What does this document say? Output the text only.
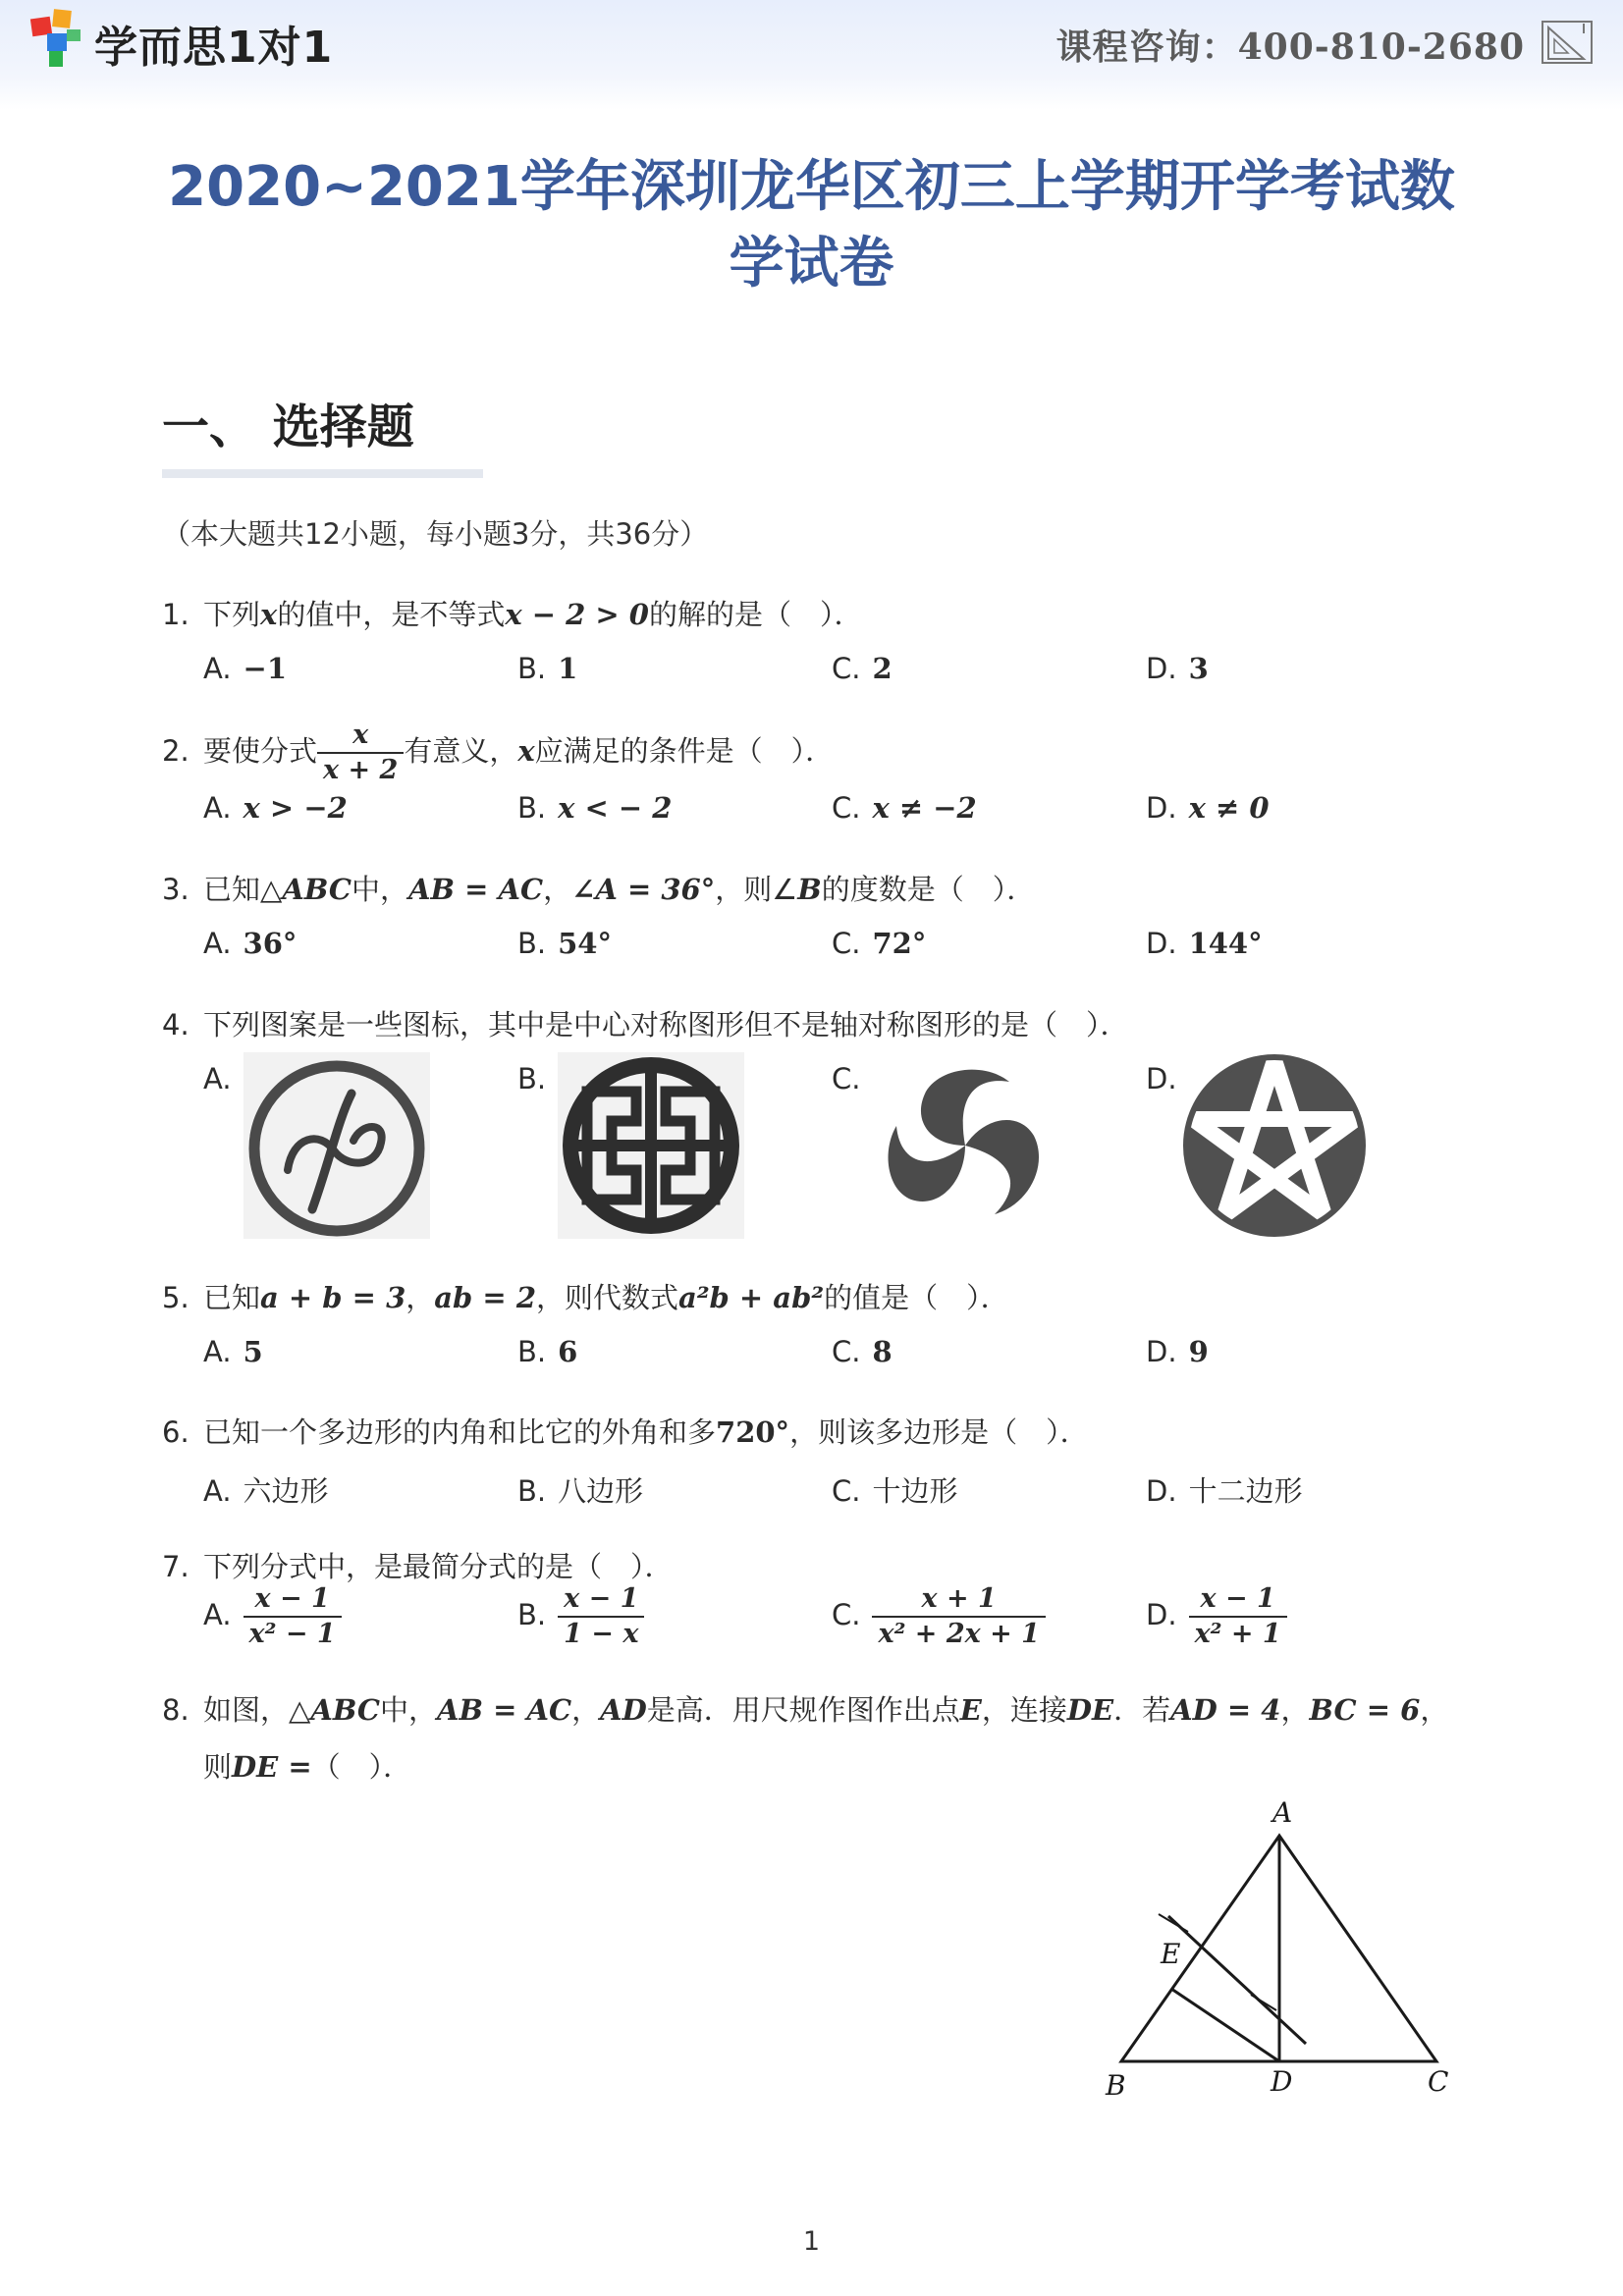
学而思1对1	课程咨询：400-810-2680
2020~2021学年深圳龙华区初三上学期开学考试数
学试卷
一、 选择题
（本大题共12小题，每小题3分，共36分）
1. 下列x的值中，是不等式x − 2 > 0的解的是（　）．
A. −1	B. 1	C. 2	D. 3
2. 要使分式 $\frac{x}{x + 2}$ 有意义，x应满足的条件是（　）．
A. x > −2	B. x < − 2	C. x ≠ −2	D. x ≠ 0
3. 已知△ABC中，AB = AC，∠A = 36°，则∠B的度数是（　）．
A. 36°	B. 54°	C. 72°	D. 144°
4. 下列图案是一些图标，其中是中心对称图形但不是轴对称图形的是（　）．
A.	B.	C.	D.
5. 已知a + b = 3，ab = 2，则代数式a²b + ab²的值是（　）．
A. 5	B. 6	C. 8	D. 9
6. 已知一个多边形的内角和比它的外角和多720°，则该多边形是（　）．
A. 六边形	B. 八边形	C. 十边形	D. 十二边形
7. 下列分式中，是最简分式的是（　）．
A. $\frac{x - 1}{\text{x² − 1}}$	B. $\frac{x - 1}{1 - x}$	C. $\frac{x + 1}{\text{x² + 2x + 1}}$	D. $\frac{x - 1}{\text{x² + 1}}$
8. 如图，△ABC中，AB = AC，AD是高．用尺规作图作出点E，连接DE．若AD = 4，BC = 6，
则DE =（　）．
A
B	D	C
E
1
